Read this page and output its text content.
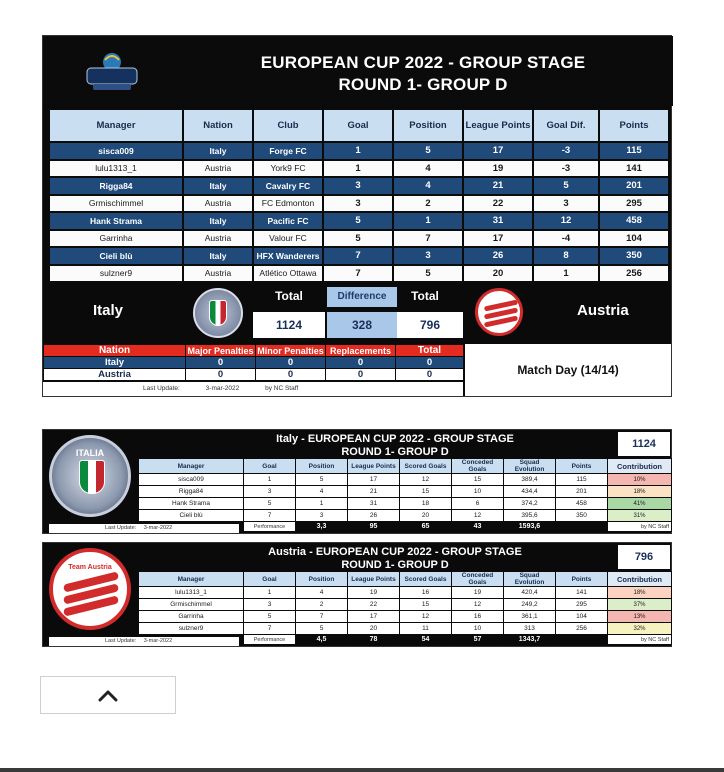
EUROPEAN CUP 2022 - GROUP STAGE
ROUND 1- GROUP D
Manager	Nation	Club	Goal	Position	League Points	Goal Dif.	Points
sisca009	Italy	Forge FC	1	5	17	-3	115
lulu1313_1	Austria	York9 FC	1	4	19	-3	141
Rigga84	Italy	Cavalry FC	3	4	21	5	201
Grmischimmel	Austria	FC Edmonton	3	2	22	3	295
Hank Strama	Italy	Pacific FC	5	1	31	12	458
Garrinha	Austria	Valour FC	5	7	17	-4	104
Cieli blù	Italy	HFX Wanderers	7	3	26	8	350
sulzner9	Austria	Atlético Ottawa	7	5	20	1	256
Italy
Total	Difference	Total
1124	328	796
Austria
Nation	Major Penalties	Minor Penalties	Replacements	Total
Italy	0	0	0	0
Austria	0	0	0	0
Last Update:	3-mar-2022	by NC Staff
Match Day (14/14)
ITALIA
Italy - EUROPEAN CUP 2022 - GROUP STAGE
ROUND 1- GROUP D
1124
Manager	Goal	Position	League Points	Scored Goals	Conceded Goals	Squad Evolution	Points	Contribution
sisca009	1	5	17	12	15	389,4	115	10%
Rigga84	3	4	21	15	10	434,4	201	18%
Hank Strama	5	1	31	18	6	374,2	458	41%
Cieli blù	7	3	26	20	12	395,6	350	31%
	Performance	3,3	95	65	43	1593,6		by NC Staff
Last Update: 3-mar-2022
Team Austria
Austria - EUROPEAN CUP 2022 - GROUP STAGE
ROUND 1- GROUP D
796
Manager	Goal	Position	League Points	Scored Goals	Conceded Goals	Squad Evolution	Points	Contribution
lulu1313_1	1	4	19	16	19	420,4	141	18%
Grmischimmel	3	2	22	15	12	249,2	295	37%
Garrinha	5	7	17	12	16	361,1	104	13%
sulzner9	7	5	20	11	10	313	256	32%
	Performance	4,5	78	54	57	1343,7		by NC Staff
Last Update: 3-mar-2022
